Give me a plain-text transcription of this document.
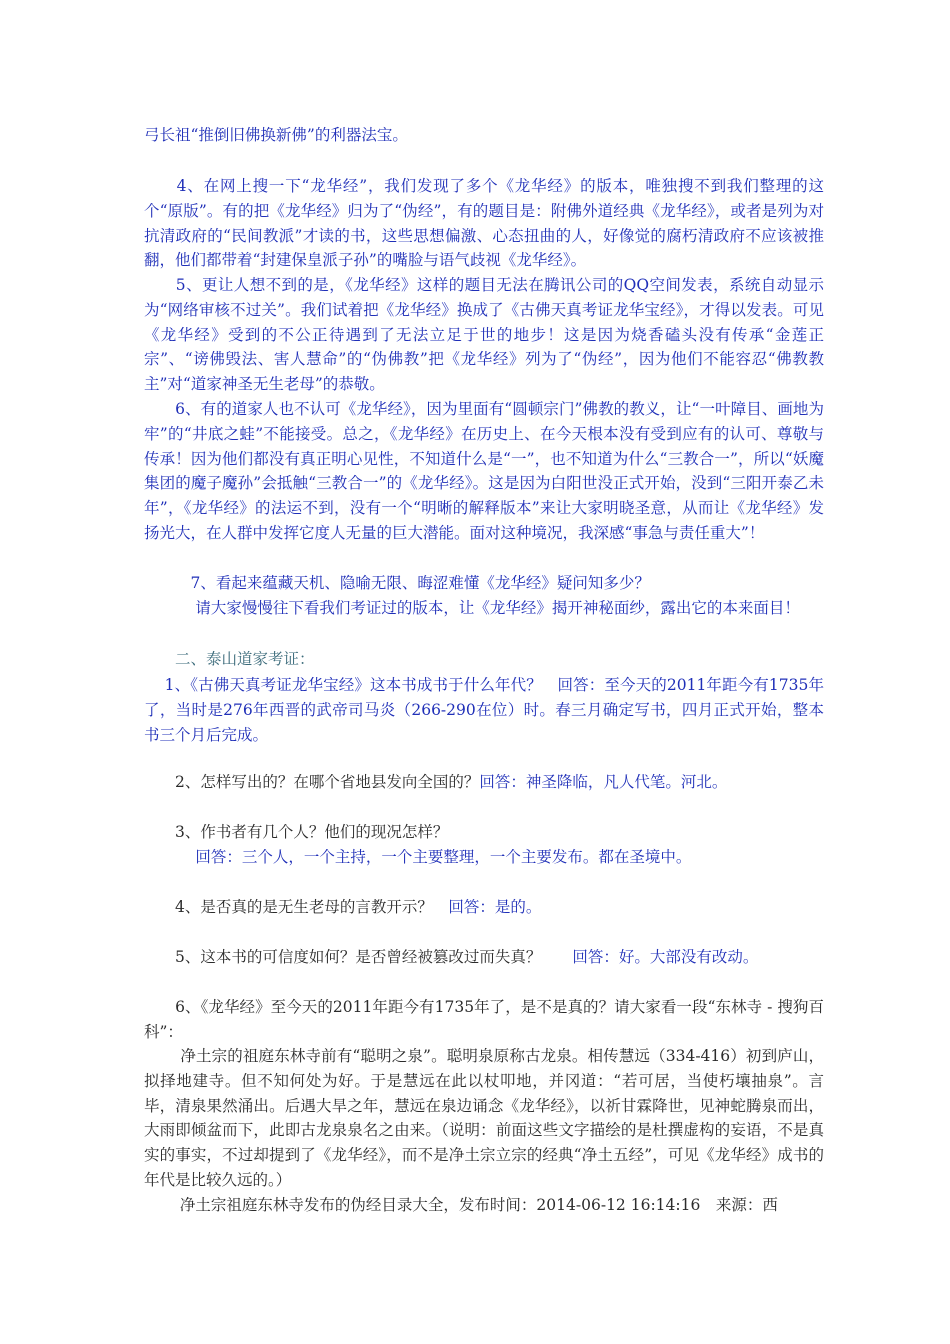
弓长祖“推倒旧佛换新佛”的利器法宝。
　　4、在网上搜一下“龙华经”，我们发现了多个《龙华经》的版本，唯独搜不到我们整理的这个“原版”。有的把《龙华经》归为了“伪经”，有的题目是：附佛外道经典《龙华经》，或者是列为对抗清政府的“民间教派”才读的书，这些思想偏激、心态扭曲的人，好像觉的腐朽清政府不应该被推翻，他们都带着“封建保皇派子孙”的嘴脸与语气歧视《龙华经》。
　　5、更让人想不到的是，《龙华经》这样的题目无法在腾讯公司的QQ空间发表，系统自动显示为“网络审核不过关”。我们试着把《龙华经》换成了《古佛天真考证龙华宝经》，才得以发表。可见《龙华经》受到的不公正待遇到了无法立足于世的地步！这是因为烧香磕头没有传承“金莲正宗”、“谤佛毁法、害人慧命”的“伪佛教”把《龙华经》列为了“伪经”，因为他们不能容忍“佛教教主”对“道家神圣无生老母”的恭敬。
　　6、有的道家人也不认可《龙华经》，因为里面有“圆顿宗门”佛教的教义，让“一叶障目、画地为牢”的“井底之蛙”不能接受。总之，《龙华经》在历史上、在今天根本没有受到应有的认可、尊敬与传承！因为他们都没有真正明心见性，不知道什么是“一”，也不知道为什么“三教合一”，所以“妖魔集团的魔子魔孙”会抵触“三教合一”的《龙华经》。这是因为白阳世没正式开始，没到“三阳开泰乙未年”，《龙华经》的法运不到，没有一个“明晰的解释版本”来让大家明晓圣意，从而让《龙华经》发扬光大，在人群中发挥它度人无量的巨大潜能。面对这种境况，我深感“事急与责任重大”！
　　　7、看起来蕴藏天机、隐喻无限、晦涩难懂《龙华经》疑问知多少？
　　　 请大家慢慢往下看我们考证过的版本，让《龙华经》揭开神秘面纱，露出它的本来面目！
　　二、泰山道家考证：
　 1、《古佛天真考证龙华宝经》这本书成书于什么年代？　回答：至今天的2011年距今有1735年了，当时是276年西晋的武帝司马炎（266-290在位）时。春三月确定写书，四月正式开始，整本书三个月后完成。
　　2、怎样写出的？在哪个省地县发向全国的？回答：神圣降临，凡人代笔。河北。
　　3、作书者有几个人？他们的现况怎样？
　　　 回答：三个人，一个主持，一个主要整理，一个主要发布。都在圣境中。
　　4、是否真的是无生老母的言教开示？　回答：是的。
　　5、这本书的可信度如何？是否曾经被篡改过而失真？　　回答：好。大部没有改动。
　　6、《龙华经》至今天的2011年距今有1735年了，是不是真的？请大家看一段“东林寺 - 搜狗百科”：
　　 净土宗的祖庭东林寺前有“聪明之泉”。聪明泉原称古龙泉。相传慧远（334-416）初到庐山，拟择地建寺。但不知何处为好。于是慧远在此以杖叩地，并冈道：“若可居，当使朽壤抽泉”。言毕，清泉果然涌出。后遇大旱之年，慧远在泉边诵念《龙华经》，以祈甘霖降世，见神蛇腾泉而出，大雨即倾盆而下，此即古龙泉泉名之由来。（说明：前面这些文字描绘的是杜撰虚构的妄语，不是真实的事实，不过却提到了《龙华经》，而不是净土宗立宗的经典“净土五经”，可见《龙华经》成书的年代是比较久远的。）
　　 净土宗祖庭东林寺发布的伪经目录大全，发布时间：2014-06-12 16:14:16　来源：西
